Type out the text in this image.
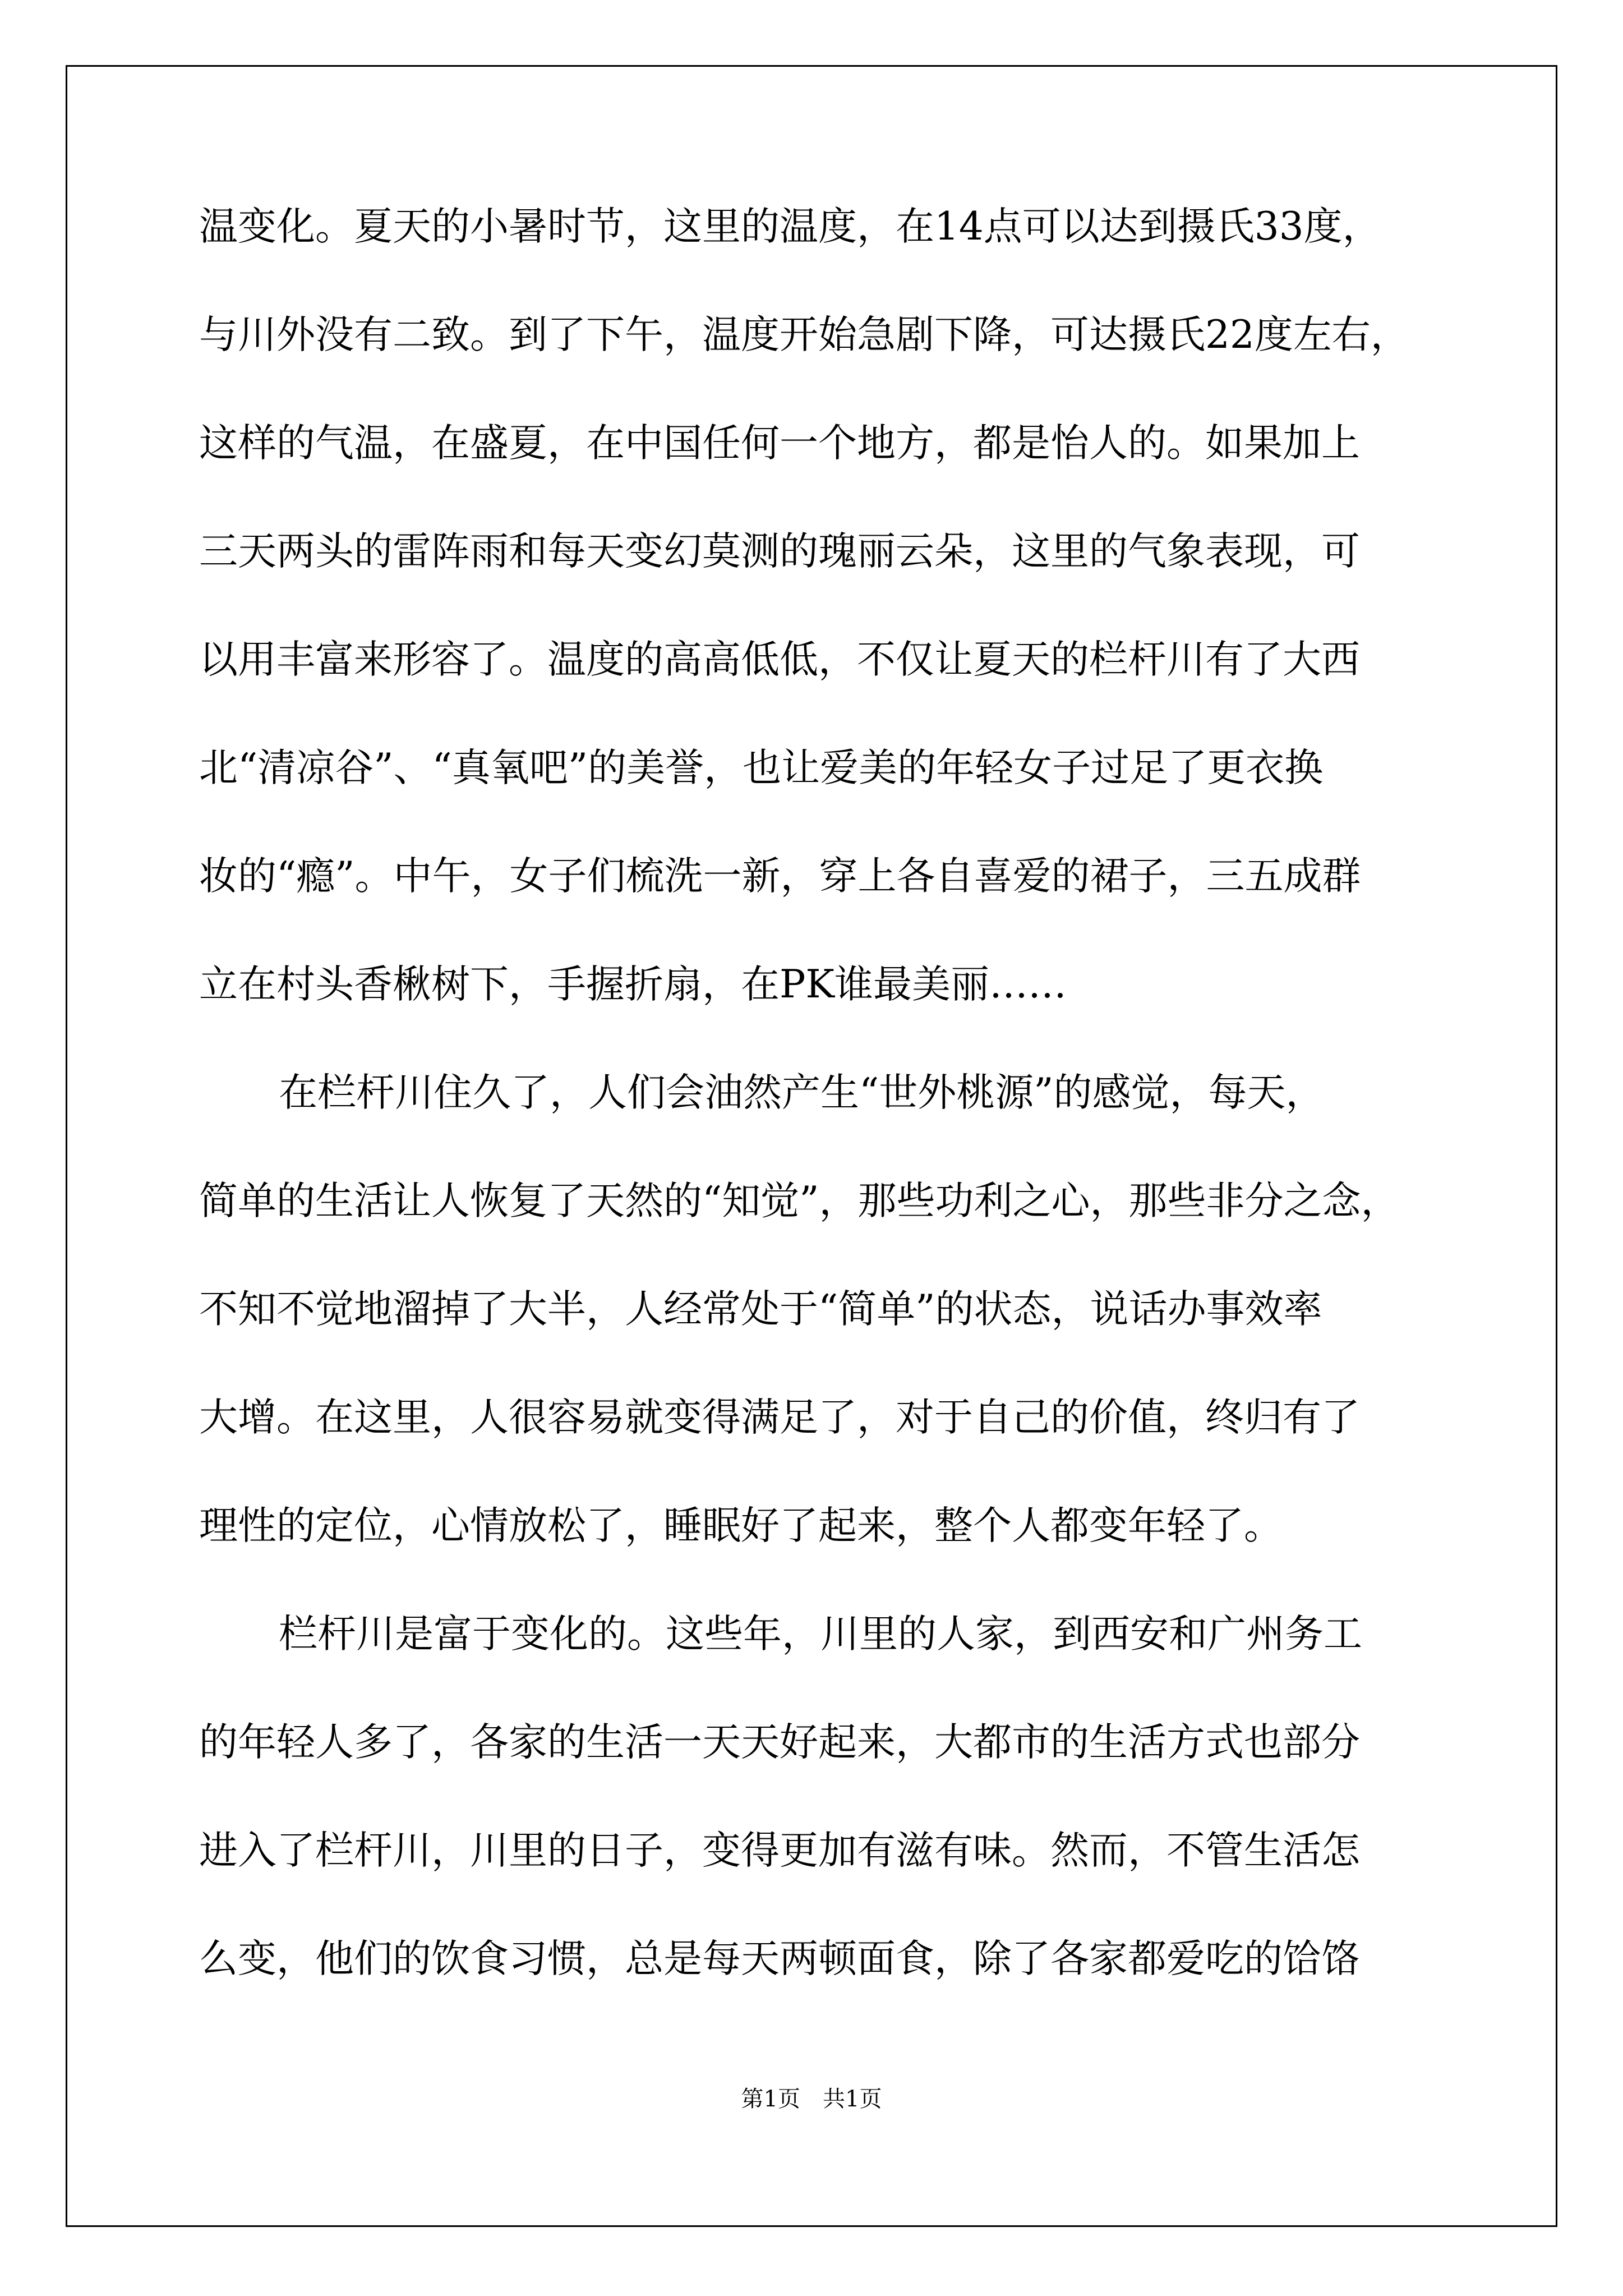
温变化。夏天的小暑时节，这里的温度，在14点可以达到摄氏33度，
与川外没有二致。到了下午，温度开始急剧下降，可达摄氏22度左右，
这样的气温，在盛夏，在中国任何一个地方，都是怡人的。如果加上
三天两头的雷阵雨和每天变幻莫测的瑰丽云朵，这里的气象表现，可
以用丰富来形容了。温度的高高低低，不仅让夏天的栏杆川有了大西
北“清凉谷”、“真氧吧”的美誉，也让爱美的年轻女子过足了更衣换
妆的“瘾”。中午，女子们梳洗一新，穿上各自喜爱的裙子，三五成群
立在村头香楸树下，手握折扇，在PK谁最美丽……
在栏杆川住久了，人们会油然产生“世外桃源”的感觉，每天，
简单的生活让人恢复了天然的“知觉”，那些功利之心，那些非分之念，
不知不觉地溜掉了大半，人经常处于“简单”的状态，说话办事效率
大增。在这里，人很容易就变得满足了，对于自己的价值，终归有了
理性的定位，心情放松了，睡眠好了起来，整个人都变年轻了。
栏杆川是富于变化的。这些年，川里的人家，到西安和广州务工
的年轻人多了，各家的生活一天天好起来，大都市的生活方式也部分
进入了栏杆川，川里的日子，变得更加有滋有味。然而，不管生活怎
么变，他们的饮食习惯，总是每天两顿面食，除了各家都爱吃的饸饹
第1页　共1页
